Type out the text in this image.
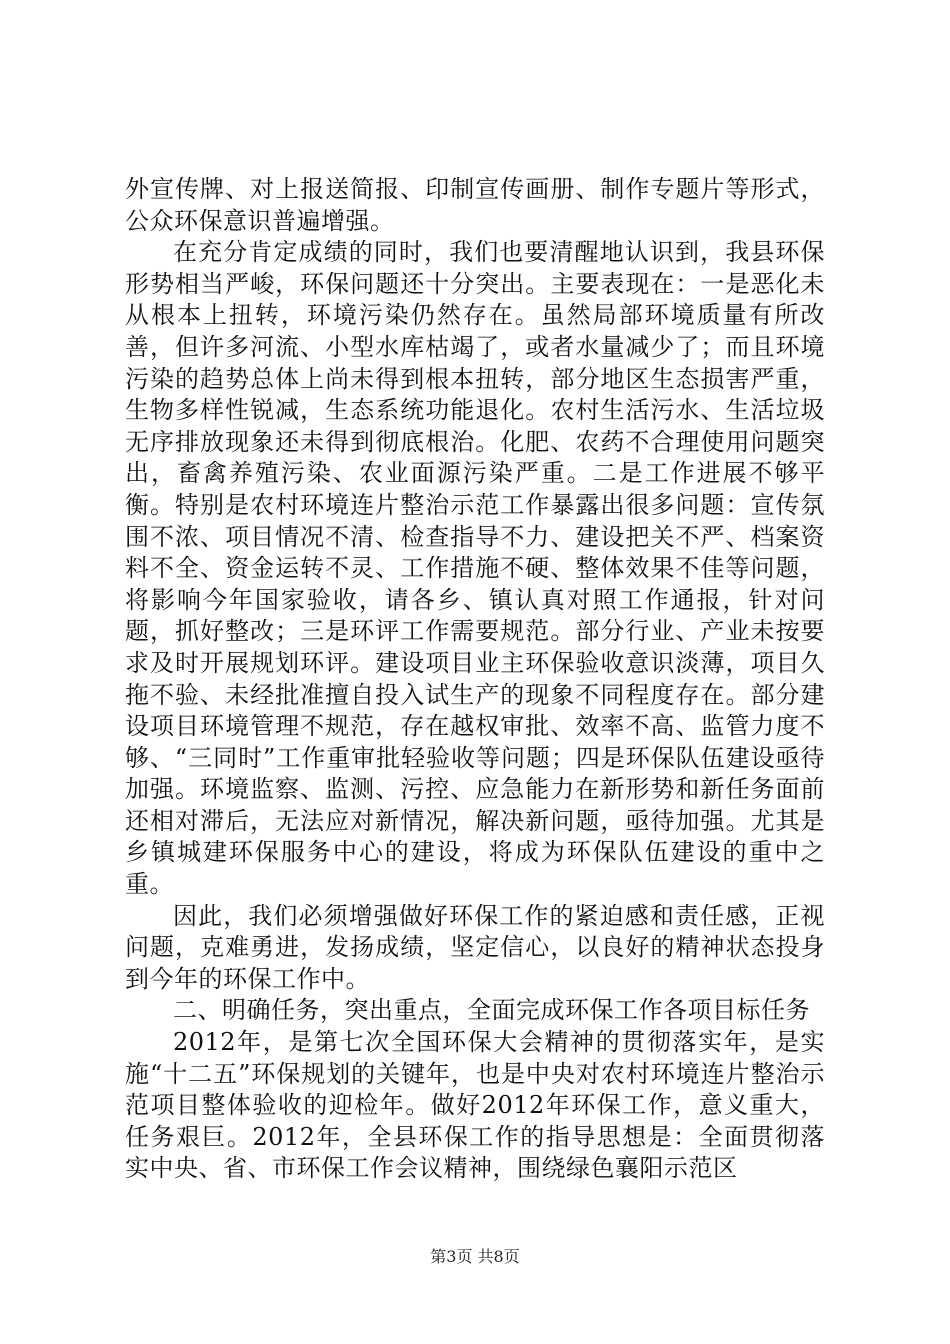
外宣传牌、对上报送简报、印制宣传画册、制作专题片等形式，公众环保意识普遍增强。

在充分肯定成绩的同时，我们也要清醒地认识到，我县环保形势相当严峻，环保问题还十分突出。主要表现在：一是恶化未从根本上扭转，环境污染仍然存在。虽然局部环境质量有所改善，但许多河流、小型水库枯竭了，或者水量减少了；而且环境污染的趋势总体上尚未得到根本扭转，部分地区生态损害严重，生物多样性锐减，生态系统功能退化。农村生活污水、生活垃圾无序排放现象还未得到彻底根治。化肥、农药不合理使用问题突出，畜禽养殖污染、农业面源污染严重。二是工作进展不够平衡。特别是农村环境连片整治示范工作暴露出很多问题：宣传氛围不浓、项目情况不清、检查指导不力、建设把关不严、档案资料不全、资金运转不灵、工作措施不硬、整体效果不佳等问题，将影响今年国家验收，请各乡、镇认真对照工作通报，针对问题，抓好整改；三是环评工作需要规范。部分行业、产业未按要求及时开展规划环评。建设项目业主环保验收意识淡薄，项目久拖不验、未经批准擅自投入试生产的现象不同程度存在。部分建设项目环境管理不规范，存在越权审批、效率不高、监管力度不够、“三同时”工作重审批轻验收等问题；四是环保队伍建设亟待加强。环境监察、监测、污控、应急能力在新形势和新任务面前还相对滞后，无法应对新情况，解决新问题，亟待加强。尤其是乡镇城建环保服务中心的建设，将成为环保队伍建设的重中之重。

因此，我们必须增强做好环保工作的紧迫感和责任感，正视问题，克难勇进，发扬成绩，坚定信心，以良好的精神状态投身到今年的环保工作中。

二、明确任务，突出重点，全面完成环保工作各项目标任务

2012年，是第七次全国环保大会精神的贯彻落实年，是实施“十二五”环保规划的关键年，也是中央对农村环境连片整治示范项目整体验收的迎检年。做好2012年环保工作，意义重大，任务艰巨。2012年，全县环保工作的指导思想是：全面贯彻落实中央、省、市环保工作会议精神，围绕绿色襄阳示范区

第3页 共8页
